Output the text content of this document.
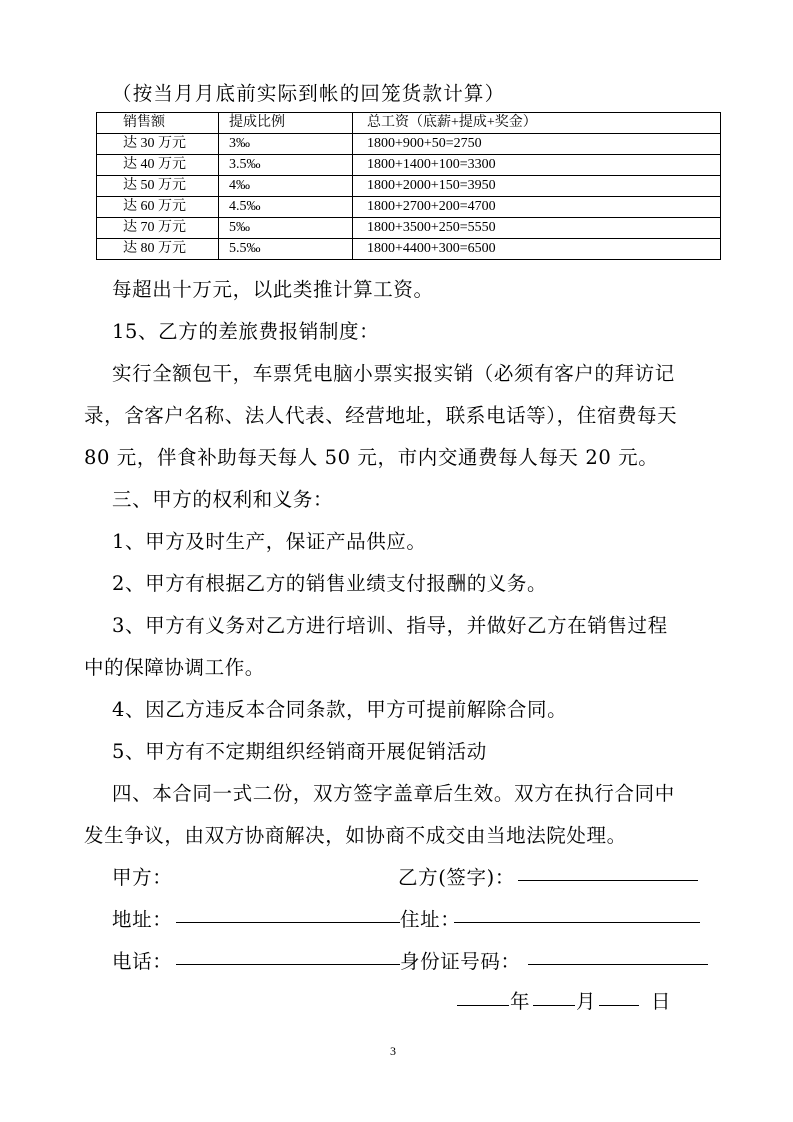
（按当月月底前实际到帐的回笼货款计算）
销售额	提成比例	总工资（底薪+提成+奖金）
达 30 万元	3‰	1800+900+50=2750
达 40 万元	3.5‰	1800+1400+100=3300
达 50 万元	4‰	1800+2000+150=3950
达 60 万元	4.5‰	1800+2700+200=4700
达 70 万元	5‰	1800+3500+250=5550
达 80 万元	5.5‰	1800+4400+300=6500
每超出十万元，以此类推计算工资。
15、乙方的差旅费报销制度：
实行全额包干，车票凭电脑小票实报实销（必须有客户的拜访记
录，含客户名称、法人代表、经营地址，联系电话等），住宿费每天
80 元，伴食补助每天每人 50 元，市内交通费每人每天 20 元。
三、甲方的权利和义务：
1、甲方及时生产，保证产品供应。
2、甲方有根据乙方的销售业绩支付报酬的义务。
3、甲方有义务对乙方进行培训、指导，并做好乙方在销售过程
中的保障协调工作。
4、因乙方违反本合同条款，甲方可提前解除合同。
5、甲方有不定期组织经销商开展促销活动
四、本合同一式二份，双方签字盖章后生效。双方在执行合同中
发生争议，由双方协商解决，如协商不成交由当地法院处理。
甲方：	乙方(签字)：
地址：	住址：
电话：	身份证号码：
年 月	日
3
